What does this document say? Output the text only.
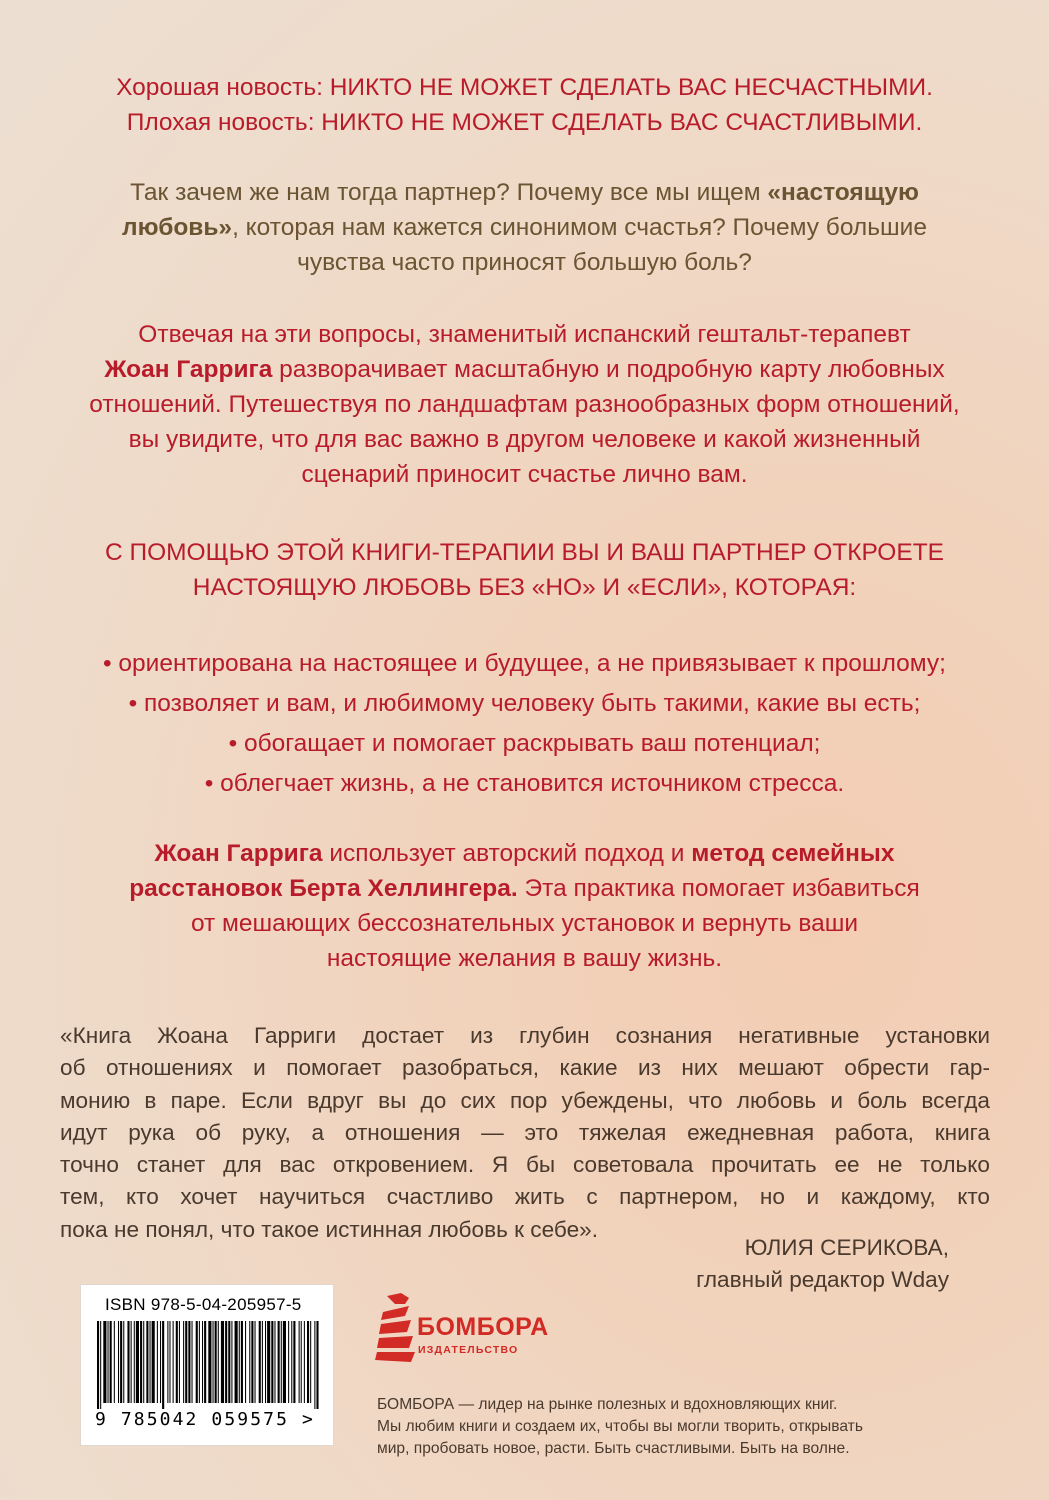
Хорошая новость: НИКТО НЕ МОЖЕТ СДЕЛАТЬ ВАС НЕСЧАСТНЫМИ.
Плохая новость: НИКТО НЕ МОЖЕТ СДЕЛАТЬ ВАС СЧАСТЛИВЫМИ.
Так зачем же нам тогда партнер? Почему все мы ищем «настоящую
любовь», которая нам кажется синонимом счастья? Почему большие
чувства часто приносят большую боль?
Отвечая на эти вопросы, знаменитый испанский гештальт-терапевт
Жоан Гаррига разворачивает масштабную и подробную карту любовных
отношений. Путешествуя по ландшафтам разнообразных форм отношений,
вы увидите, что для вас важно в другом человеке и какой жизненный
сценарий приносит счастье лично вам.
С ПОМОЩЬЮ ЭТОЙ КНИГИ-ТЕРАПИИ ВЫ И ВАШ ПАРТНЕР ОТКРОЕТЕ
НАСТОЯЩУЮ ЛЮБОВЬ БЕЗ «НО» И «ЕСЛИ», КОТОРАЯ:
• ориентирована на настоящее и будущее, а не привязывает к прошлому;
• позволяет и вам, и любимому человеку быть такими, какие вы есть;
• обогащает и помогает раскрывать ваш потенциал;
• облегчает жизнь, а не становится источником стресса.
Жоан Гаррига использует авторский подход и метод семейных
расстановок Берта Хеллингера. Эта практика помогает избавиться
от мешающих бессознательных установок и вернуть ваши
настоящие желания в вашу жизнь.
«Книга Жоана Гарриги достает из глубин сознания негативные установки
об отношениях и помогает разобраться, какие из них мешают обрести гар-
монию в паре. Если вдруг вы до сих пор убеждены, что любовь и боль всегда
идут рука об руку, а отношения — это тяжелая ежедневная работа, книга
точно станет для вас откровением. Я бы советовала прочитать ее не только
тем, кто хочет научиться счастливо жить с партнером, но и каждому, кто
пока не понял, что такое истинная любовь к себе».
ЮЛИЯ СЕРИКОВА,
главный редактор Wday
ISBN 978-5-04-205957-5
9 785042 059575 >
БОМБОРА
ИЗДАТЕЛЬСТВО
БОМБОРА — лидер на рынке полезных и вдохновляющих книг.
Мы любим книги и создаем их, чтобы вы могли творить, открывать
мир, пробовать новое, расти. Быть счастливыми. Быть на волне.
